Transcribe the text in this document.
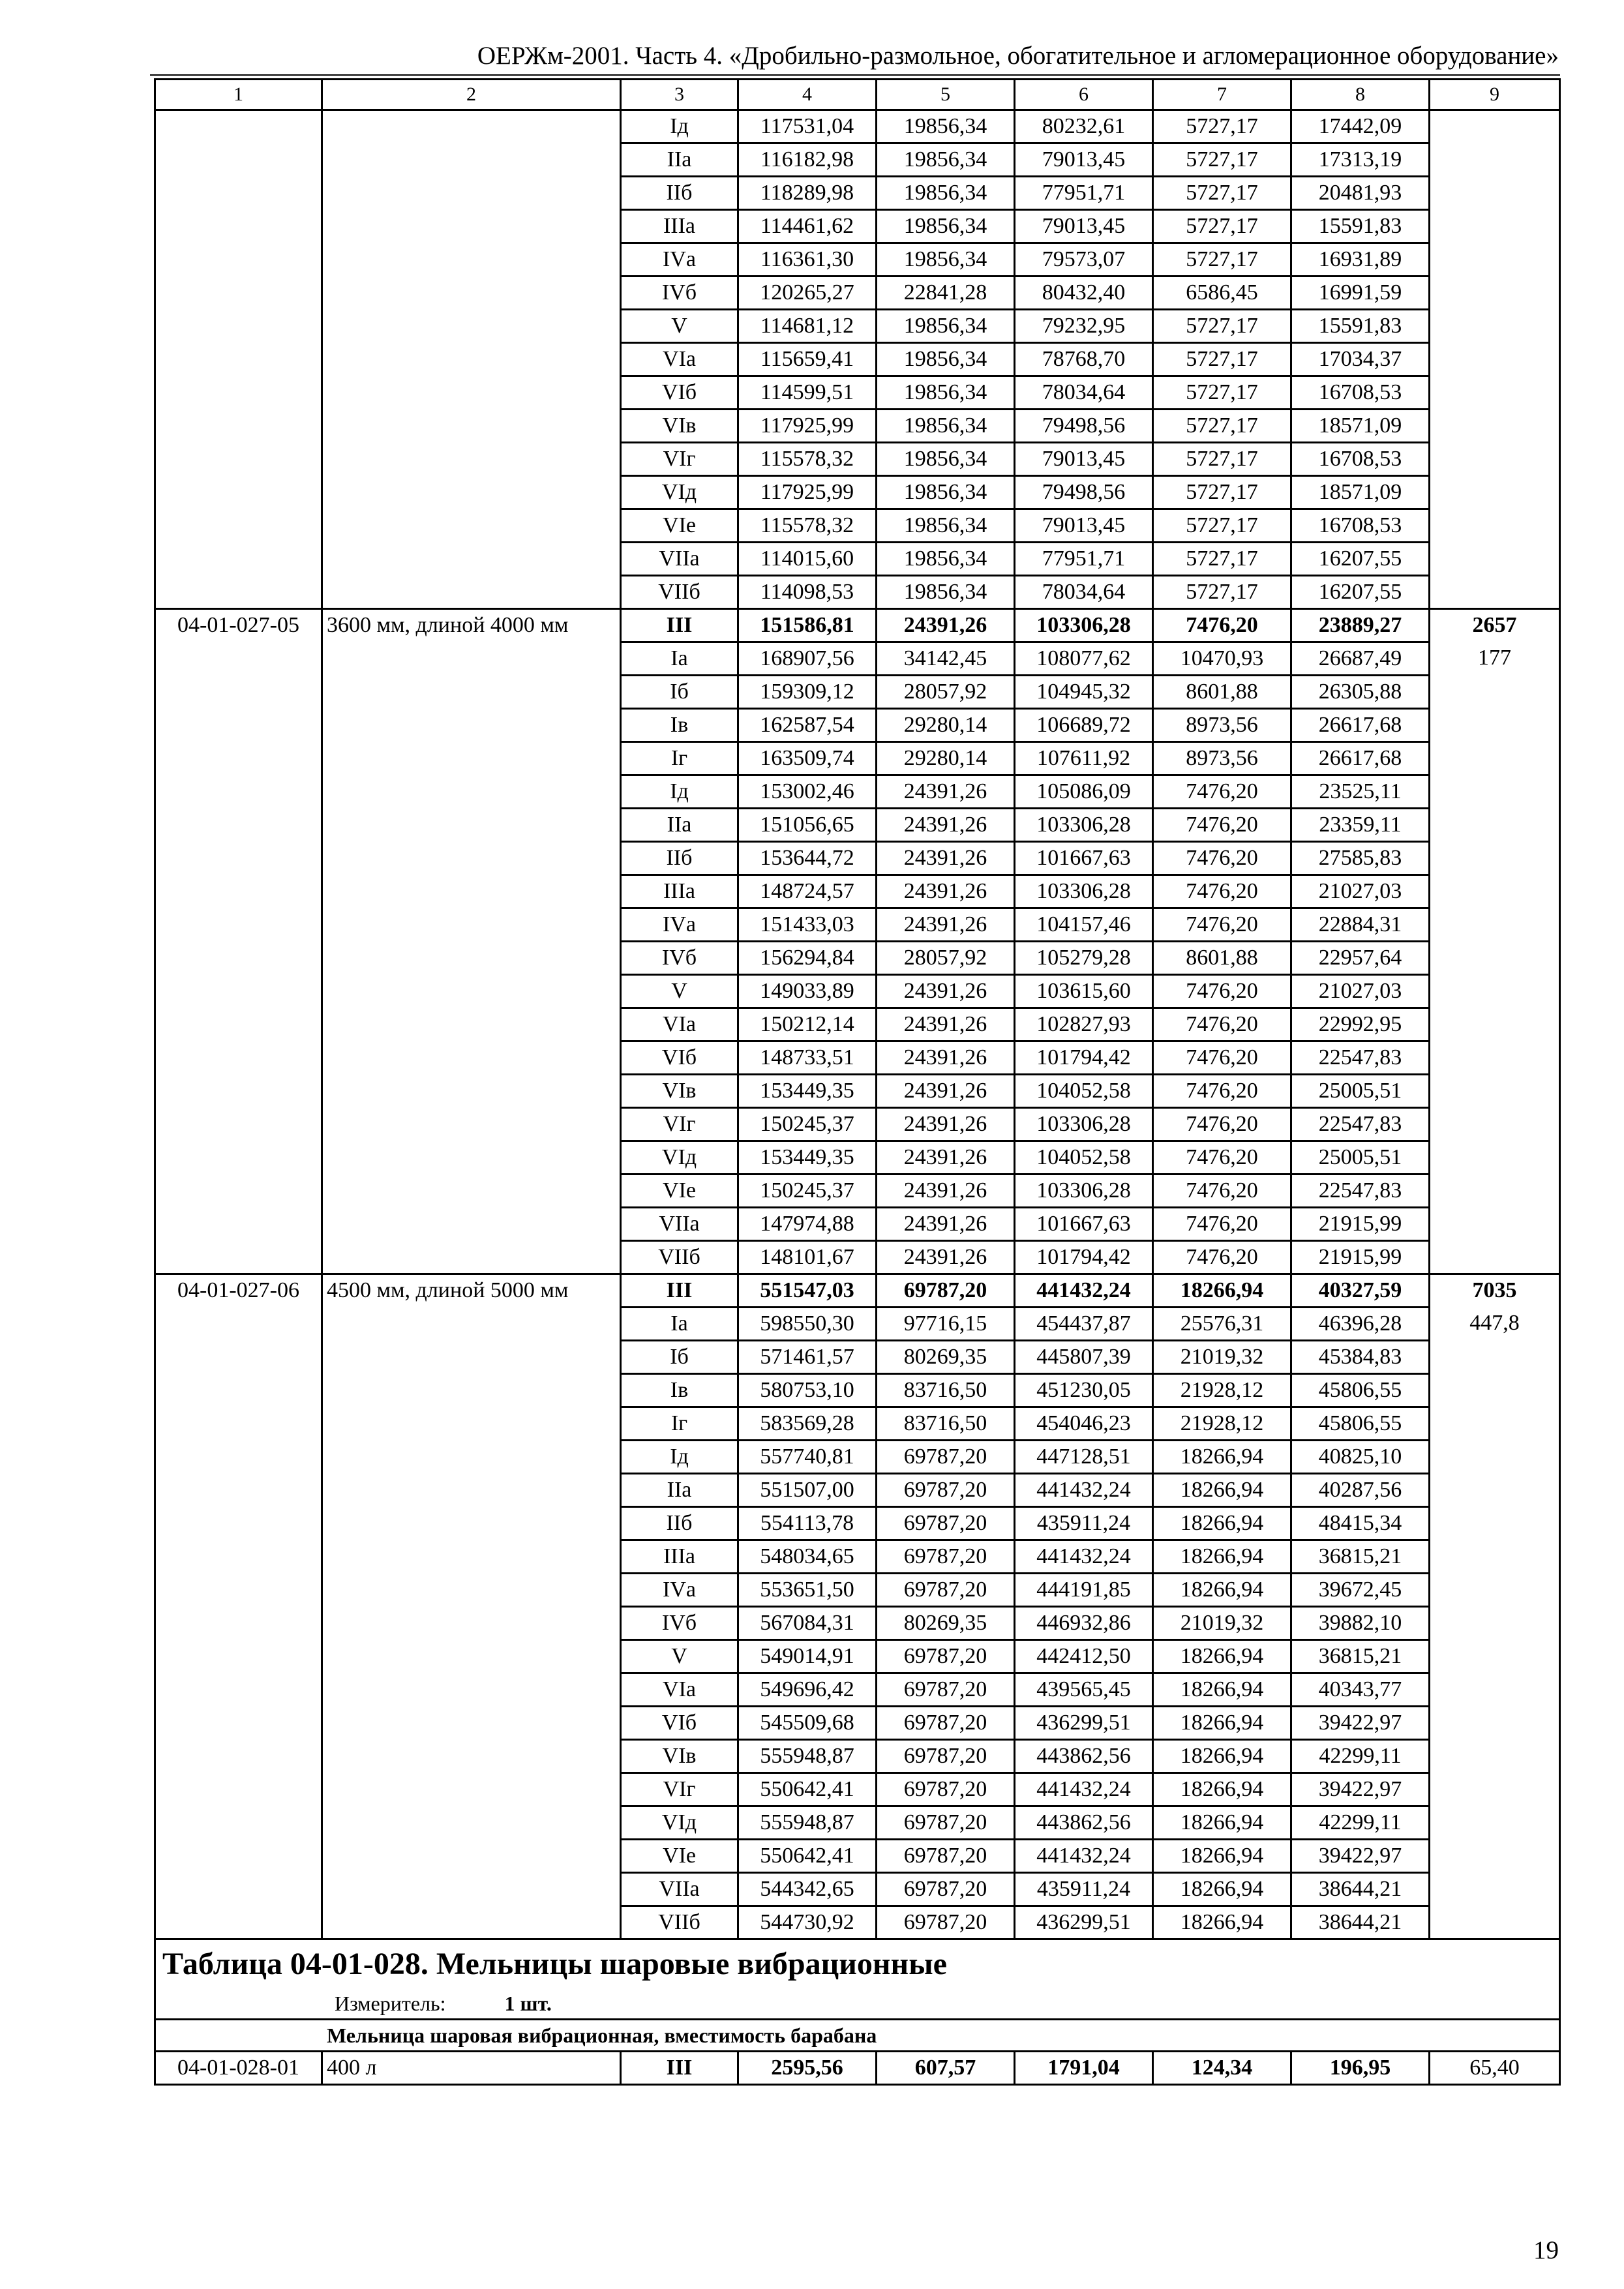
ОЕРЖм-2001. Часть 4. «Дробильно-размольное, обогатительное и агломерационное оборудование»
1	2	3	4	5	6	7	8	9
		Iд	117531,04	19856,34	80232,61	5727,17	17442,09	
		IIа	116182,98	19856,34	79013,45	5727,17	17313,19	
		IIб	118289,98	19856,34	77951,71	5727,17	20481,93	
		IIIа	114461,62	19856,34	79013,45	5727,17	15591,83	
		IVа	116361,30	19856,34	79573,07	5727,17	16931,89	
		IVб	120265,27	22841,28	80432,40	6586,45	16991,59	
		V	114681,12	19856,34	79232,95	5727,17	15591,83	
		VIа	115659,41	19856,34	78768,70	5727,17	17034,37	
		VIб	114599,51	19856,34	78034,64	5727,17	16708,53	
		VIв	117925,99	19856,34	79498,56	5727,17	18571,09	
		VIг	115578,32	19856,34	79013,45	5727,17	16708,53	
		VIд	117925,99	19856,34	79498,56	5727,17	18571,09	
		VIе	115578,32	19856,34	79013,45	5727,17	16708,53	
		VIIа	114015,60	19856,34	77951,71	5727,17	16207,55	
		VIIб	114098,53	19856,34	78034,64	5727,17	16207,55	
04-01-027-05	3600 мм, длиной 4000 мм	III	151586,81	24391,26	103306,28	7476,20	23889,27	2657
		Iа	168907,56	34142,45	108077,62	10470,93	26687,49	177
		Iб	159309,12	28057,92	104945,32	8601,88	26305,88	
		Iв	162587,54	29280,14	106689,72	8973,56	26617,68	
		Iг	163509,74	29280,14	107611,92	8973,56	26617,68	
		Iд	153002,46	24391,26	105086,09	7476,20	23525,11	
		IIа	151056,65	24391,26	103306,28	7476,20	23359,11	
		IIб	153644,72	24391,26	101667,63	7476,20	27585,83	
		IIIа	148724,57	24391,26	103306,28	7476,20	21027,03	
		IVа	151433,03	24391,26	104157,46	7476,20	22884,31	
		IVб	156294,84	28057,92	105279,28	8601,88	22957,64	
		V	149033,89	24391,26	103615,60	7476,20	21027,03	
		VIа	150212,14	24391,26	102827,93	7476,20	22992,95	
		VIб	148733,51	24391,26	101794,42	7476,20	22547,83	
		VIв	153449,35	24391,26	104052,58	7476,20	25005,51	
		VIг	150245,37	24391,26	103306,28	7476,20	22547,83	
		VIд	153449,35	24391,26	104052,58	7476,20	25005,51	
		VIе	150245,37	24391,26	103306,28	7476,20	22547,83	
		VIIа	147974,88	24391,26	101667,63	7476,20	21915,99	
		VIIб	148101,67	24391,26	101794,42	7476,20	21915,99	
04-01-027-06	4500 мм, длиной 5000 мм	III	551547,03	69787,20	441432,24	18266,94	40327,59	7035
		Iа	598550,30	97716,15	454437,87	25576,31	46396,28	447,8
		Iб	571461,57	80269,35	445807,39	21019,32	45384,83	
		Iв	580753,10	83716,50	451230,05	21928,12	45806,55	
		Iг	583569,28	83716,50	454046,23	21928,12	45806,55	
		Iд	557740,81	69787,20	447128,51	18266,94	40825,10	
		IIа	551507,00	69787,20	441432,24	18266,94	40287,56	
		IIб	554113,78	69787,20	435911,24	18266,94	48415,34	
		IIIа	548034,65	69787,20	441432,24	18266,94	36815,21	
		IVа	553651,50	69787,20	444191,85	18266,94	39672,45	
		IVб	567084,31	80269,35	446932,86	21019,32	39882,10	
		V	549014,91	69787,20	442412,50	18266,94	36815,21	
		VIа	549696,42	69787,20	439565,45	18266,94	40343,77	
		VIб	545509,68	69787,20	436299,51	18266,94	39422,97	
		VIв	555948,87	69787,20	443862,56	18266,94	42299,11	
		VIг	550642,41	69787,20	441432,24	18266,94	39422,97	
		VIд	555948,87	69787,20	443862,56	18266,94	42299,11	
		VIе	550642,41	69787,20	441432,24	18266,94	39422,97	
		VIIа	544342,65	69787,20	435911,24	18266,94	38644,21	
		VIIб	544730,92	69787,20	436299,51	18266,94	38644,21	

Таблица 04-01-028. Мельницы шаровые вибрационные
Измеритель: 1 шт.
Мельница шаровая вибрационная, вместимость барабана								

04-01-028-01	400 л	III	2595,56	607,57	1791,04	124,34	196,95	65,40
19
